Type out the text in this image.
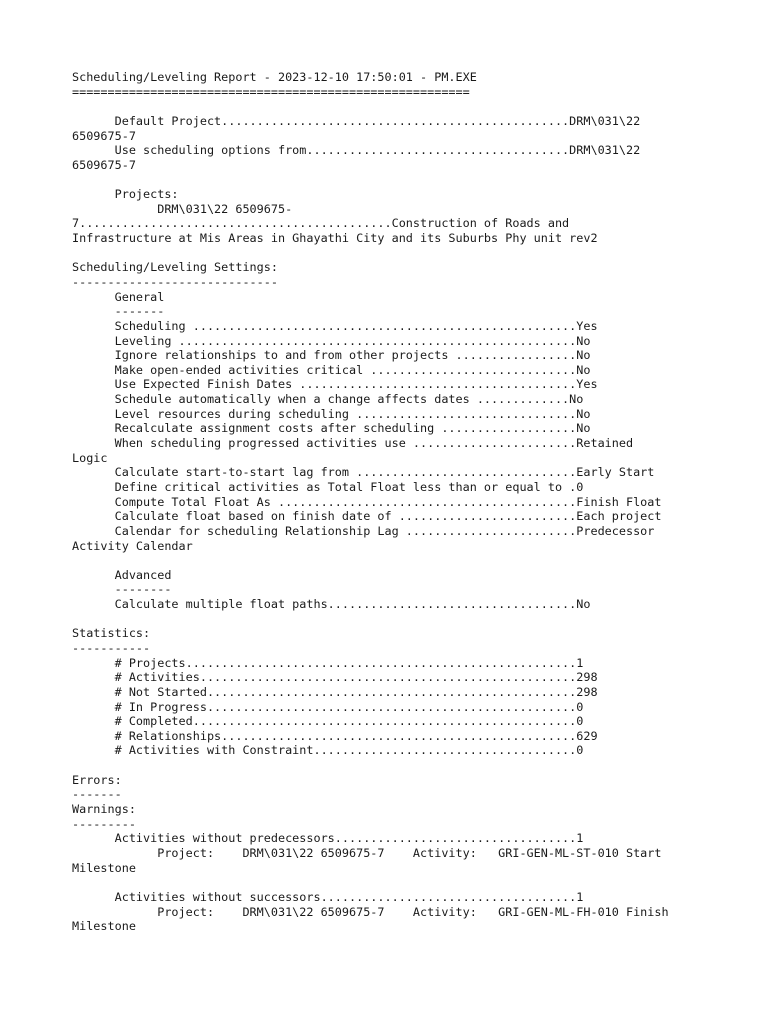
Scheduling/Leveling Report - 2023-12-10 17:50:01 - PM.EXE
========================================================

Default Project.................................................DRM\031\22
6509675-7
Use scheduling options from.....................................DRM\031\22
6509675-7

Projects:
DRM\031\22 6509675-
7............................................Construction of Roads and
Infrastructure at Mis Areas in Ghayathi City and its Suburbs Phy unit rev2

Scheduling/Leveling Settings:
-----------------------------
General
-------
Scheduling ......................................................Yes
Leveling ........................................................No
Ignore relationships to and from other projects .................No
Make open-ended activities critical .............................No
Use Expected Finish Dates .......................................Yes
Schedule automatically when a change affects dates .............No
Level resources during scheduling ...............................No
Recalculate assignment costs after scheduling ...................No
When scheduling progressed activities use .......................Retained
Logic
Calculate start-to-start lag from ...............................Early Start
Define critical activities as Total Float less than or equal to .0
Compute Total Float As ..........................................Finish Float
Calculate float based on finish date of .........................Each project
Calendar for scheduling Relationship Lag ........................Predecessor
Activity Calendar

Advanced
--------
Calculate multiple float paths...................................No

Statistics:
-----------
# Projects.......................................................1
# Activities.....................................................298
# Not Started....................................................298
# In Progress....................................................0
# Completed......................................................0
# Relationships..................................................629
# Activities with Constraint.....................................0

Errors:
-------
Warnings:
---------
Activities without predecessors..................................1
Project:    DRM\031\22 6509675-7    Activity:   GRI-GEN-ML-ST-010 Start
Milestone

Activities without successors....................................1
Project:    DRM\031\22 6509675-7    Activity:   GRI-GEN-ML-FH-010 Finish
Milestone
